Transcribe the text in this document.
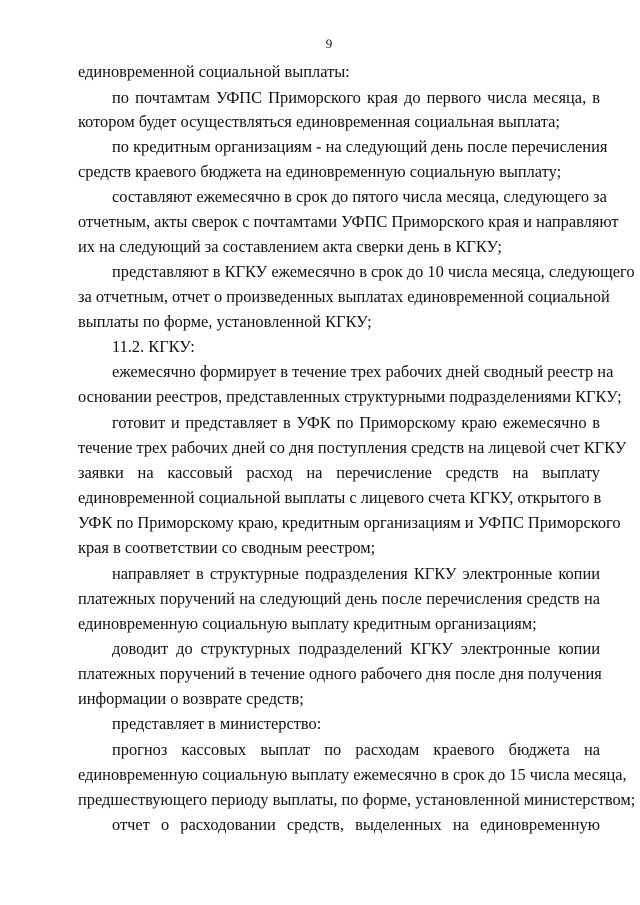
9
единовременной социальной выплаты:
по почтамтам УФПС Приморского края до первого числа месяца, в
котором будет осуществляться единовременная социальная выплата;
по кредитным организациям - на следующий день после перечисления
средств краевого бюджета на единовременную социальную выплату;
составляют ежемесячно в срок до пятого числа месяца, следующего за
отчетным, акты сверок с почтамтами УФПС Приморского края и направляют
их на следующий за составлением акта сверки день в КГКУ;
представляют в КГКУ ежемесячно в срок до 10 числа месяца, следующего
за отчетным, отчет о произведенных выплатах единовременной социальной
выплаты по форме, установленной КГКУ;
11.2. КГКУ:
ежемесячно формирует в течение трех рабочих дней сводный реестр на
основании реестров, представленных структурными подразделениями КГКУ;
готовит и представляет в УФК по Приморскому краю ежемесячно в
течение трех рабочих дней со дня поступления средств на лицевой счет КГКУ
заявки на кассовый расход на перечисление средств на выплату
единовременной социальной выплаты с лицевого счета КГКУ, открытого в
УФК по Приморскому краю, кредитным организациям и УФПС Приморского
края в соответствии со сводным реестром;
направляет в структурные подразделения КГКУ электронные копии
платежных поручений на следующий день после перечисления средств на
единовременную социальную выплату кредитным организациям;
доводит до структурных подразделений КГКУ электронные копии
платежных поручений в течение одного рабочего дня после дня получения
информации о возврате средств;
представляет в министерство:
прогноз кассовых выплат по расходам краевого бюджета на
единовременную социальную выплату ежемесячно в срок до 15 числа месяца,
предшествующего периоду выплаты, по форме, установленной министерством;
отчет о расходовании средств, выделенных на единовременную
